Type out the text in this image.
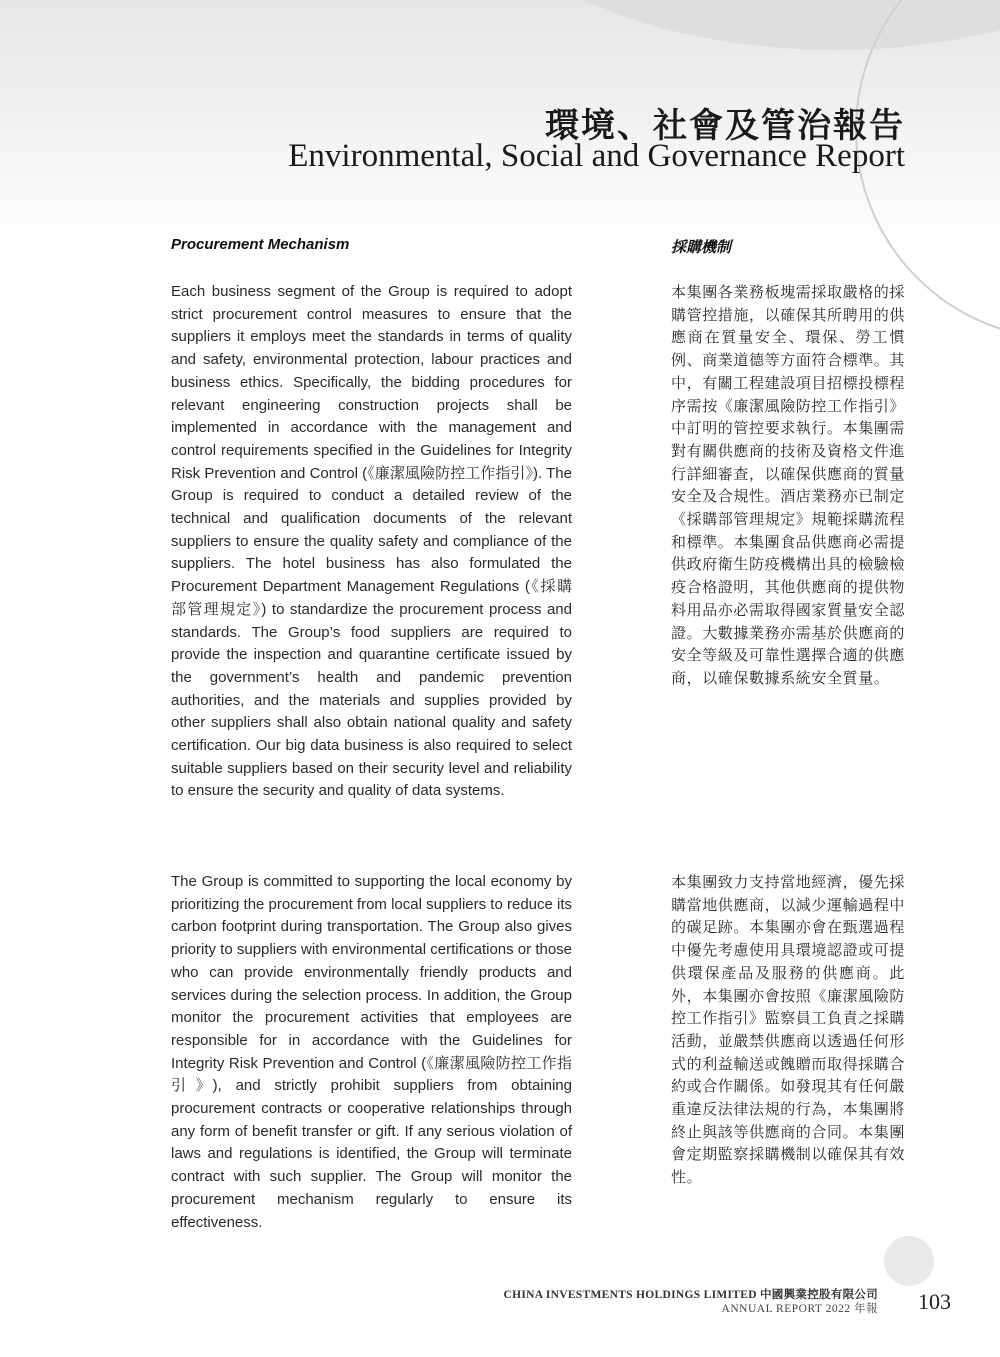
環境、社會及管治報告
Environmental, Social and Governance Report
Procurement Mechanism	採購機制

Each business segment of the Group is required to adopt strict procurement control measures to ensure that the suppliers it employs meet the standards in terms of quality and safety, environmental protection, labour practices and business ethics. Specifically, the bidding procedures for relevant engineering construction projects shall be implemented in accordance with the management and control requirements specified in the Guidelines for Integrity Risk Prevention and Control (《廉潔風險防控工作指引》). The Group is required to conduct a detailed review of the technical and qualification documents of the relevant suppliers to ensure the quality safety and compliance of the suppliers. The hotel business has also formulated the Procurement Department Management Regulations (《採購部管理規定》) to standardize the procurement process and standards. The Group’s food suppliers are required to provide the inspection and quarantine certificate issued by the government’s health and pandemic prevention authorities, and the materials and supplies provided by other suppliers shall also obtain national quality and safety certification. Our big data business is also required to select suitable suppliers based on their security level and reliability to ensure the security and quality of data systems.

The Group is committed to supporting the local economy by prioritizing the procurement from local suppliers to reduce its carbon footprint during transportation. The Group also gives priority to suppliers with environmental certifications or those who can provide environmentally friendly products and services during the selection process. In addition, the Group monitor the procurement activities that employees are responsible for in accordance with the Guidelines for Integrity Risk Prevention and Control (《廉潔風險防控工作指引》), and strictly prohibit suppliers from obtaining procurement contracts or cooperative relationships through any form of benefit transfer or gift. If any serious violation of laws and regulations is identified, the Group will terminate contract with such supplier. The Group will monitor the procurement mechanism regularly to ensure its effectiveness.

本集團各業務板塊需採取嚴格的採購管控措施，以確保其所聘用的供應商在質量安全、環保、勞工慣例、商業道德等方面符合標準。其中，有關工程建設項目招標投標程序需按《廉潔風險防控工作指引》中訂明的管控要求執行。本集團需對有關供應商的技術及資格文件進行詳細審查，以確保供應商的質量安全及合規性。酒店業務亦已制定《採購部管理規定》規範採購流程和標準。本集團食品供應商必需提供政府衛生防疫機構出具的檢驗檢疫合格證明，其他供應商的提供物料用品亦必需取得國家質量安全認證。大數據業務亦需基於供應商的安全等級及可靠性選擇合適的供應商，以確保數據系統安全質量。

本集團致力支持當地經濟，優先採購當地供應商，以減少運輸過程中的碳足跡。本集團亦會在甄選過程中優先考慮使用具環境認證或可提供環保產品及服務的供應商。此外，本集團亦會按照《廉潔風險防控工作指引》監察員工負責之採購活動，並嚴禁供應商以透過任何形式的利益輸送或餽贈而取得採購合約或合作關係。如發現其有任何嚴重違反法律法規的行為，本集團將終止與該等供應商的合同。本集團會定期監察採購機制以確保其有效性。

CHINA INVESTMENTS HOLDINGS LIMITED 中國興業控股有限公司
ANNUAL REPORT 2022 年報 103
